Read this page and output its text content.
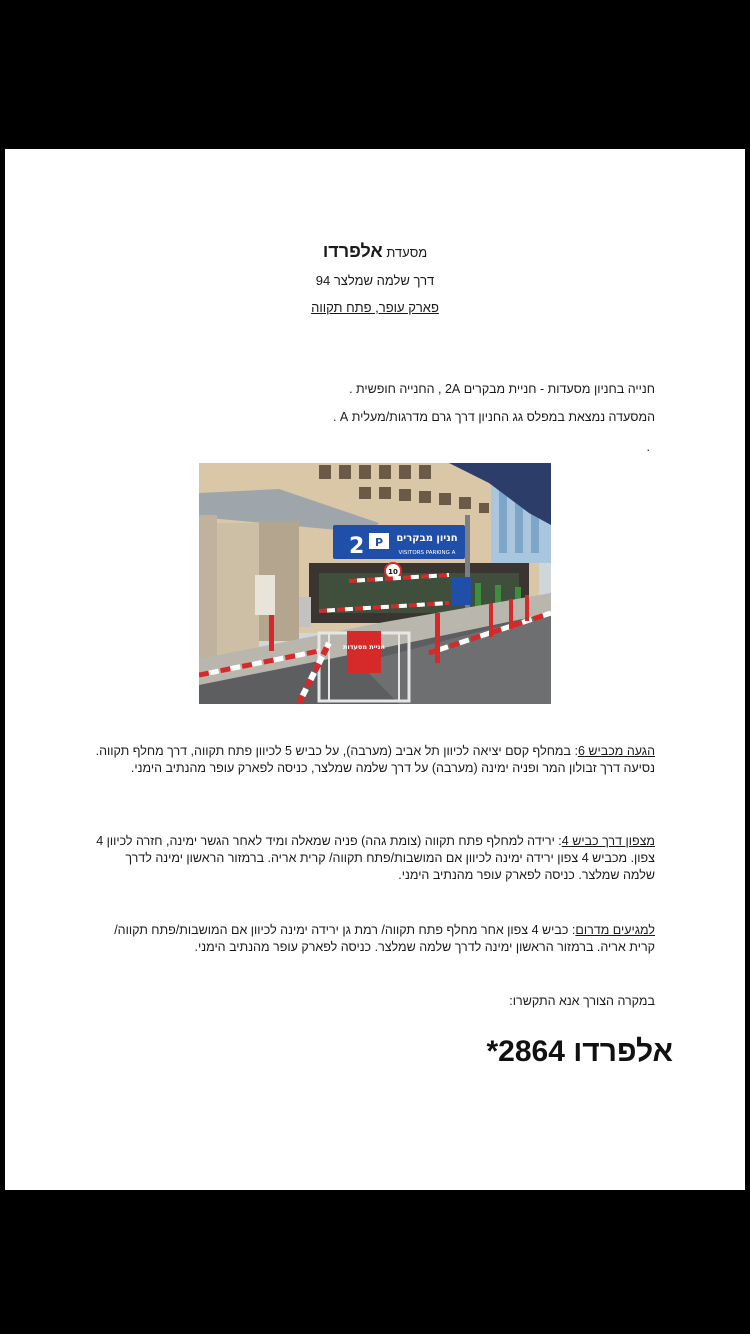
מסעדת אלפרדו
דרך שלמה שמלצר 94
פארק עופר, פתח תקווה
חנייה בחניון מסעדות - חניית מבקרים 2A , החנייה חופשית .
המסעדה נמצאת במפלס גג החניון דרך גרם מדרגות/מעלית A .
.
2 P חניון מבקרים
VISITORS PARKING A
10
חניית מסעדות
הגעה מכביש 6: במחלף קסם יציאה לכיוון תל אביב (מערבה), על כביש 5 לכיוון פתח תקווה, דרך מחלף תקווה. נסיעה דרך זבולון המר ופניה ימינה (מערבה) על דרך שלמה שמלצר, כניסה לפארק עופר מהנתיב הימני.
מצפון דרך כביש 4: ירידה למחלף פתח תקווה (צומת גהה) פניה שמאלה ומיד לאחר הגשר ימינה, חזרה לכיוון 4 צפון. מכביש 4 צפון ירידה ימינה לכיוון אם המושבות/פתח תקווה/ קרית אריה. ברמזור הראשון ימינה לדרך שלמה שמלצר. כניסה לפארק עופר מהנתיב הימני.
למגיעים מדרום: כביש 4 צפון אחר מחלף פתח תקווה/ רמת גן ירידה ימינה לכיוון אם המושבות/פתח תקווה/ קרית אריה. ברמזור הראשון ימינה לדרך שלמה שמלצר. כניסה לפארק עופר מהנתיב הימני.
במקרה הצורך אנא התקשרו:
אלפרדו 2864*
